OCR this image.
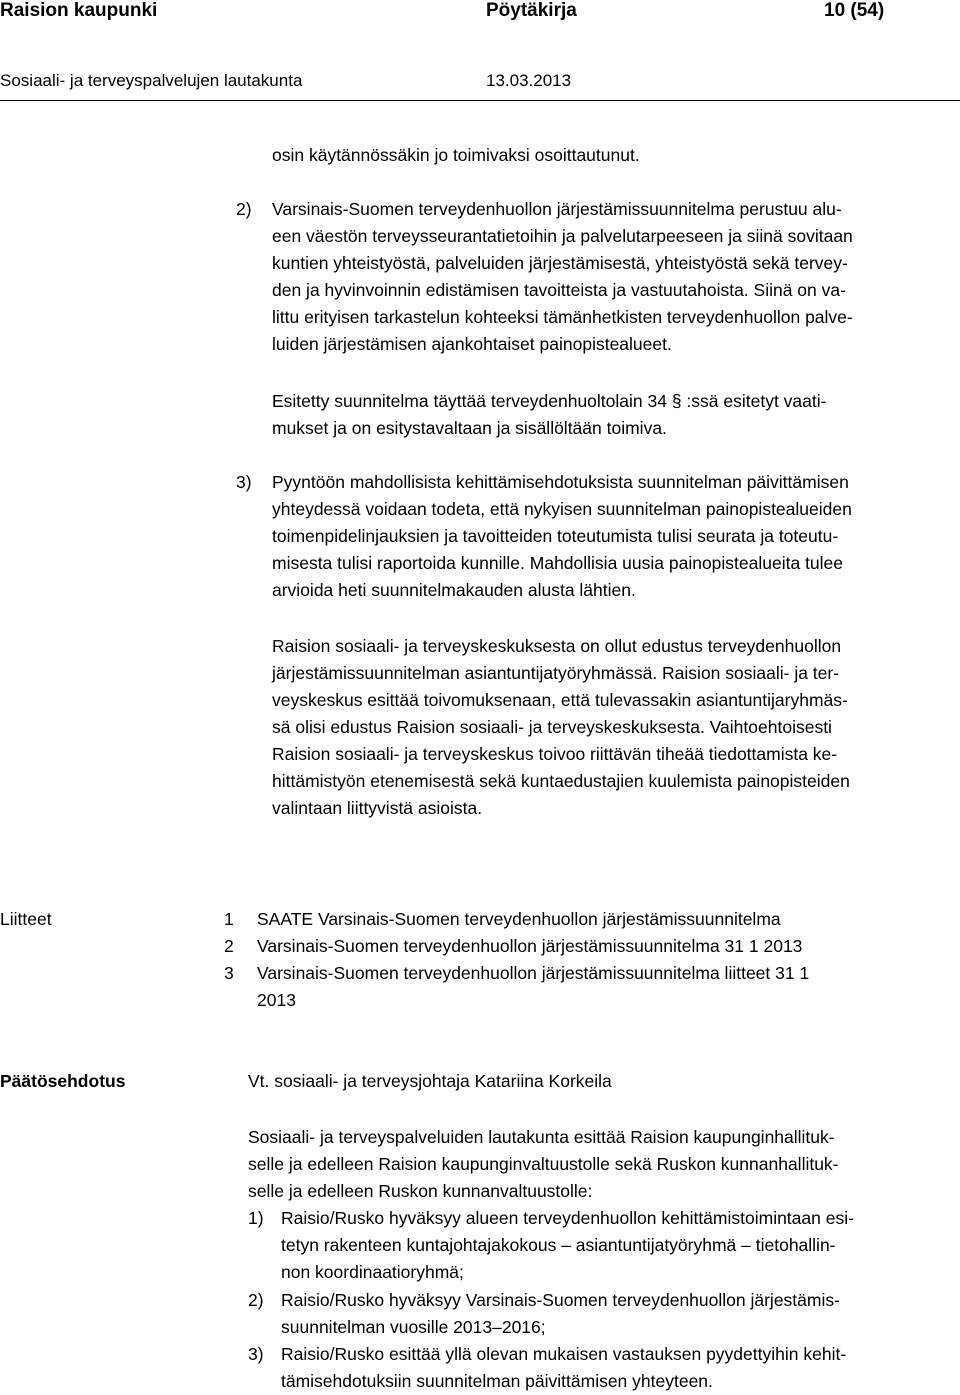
Raision kaupunki	Pöytäkirja	10 (54)
Sosiaali- ja terveyspalvelujen lautakunta	13.03.2013
osin käytännössäkin jo toimivaksi osoittautunut.
2) Varsinais-Suomen terveydenhuollon järjestämissuunnitelma perustuu alu-
een väestön terveysseurantatietoihin ja palvelutarpeeseen ja siinä sovitaan
kuntien yhteistyöstä, palveluiden järjestämisestä, yhteistyöstä sekä tervey-
den ja hyvinvoinnin edistämisen tavoitteista ja vastuutahoista. Siinä on va-
littu erityisen tarkastelun kohteeksi tämänhetkisten terveydenhuollon palve-
luiden järjestämisen ajankohtaiset painopistealueet.
Esitetty suunnitelma täyttää terveydenhuoltolain 34 § :ssä esitetyt vaati-
mukset ja on esitystavaltaan ja sisällöltään toimiva.
3) Pyyntöön mahdollisista kehittämisehdotuksista suunnitelman päivittämisen
yhteydessä voidaan todeta, että nykyisen suunnitelman painopistealueiden
toimenpidelinjauksien ja tavoitteiden toteutumista tulisi seurata ja toteutu-
misesta tulisi raportoida kunnille. Mahdollisia uusia painopistealueita tulee
arvioida heti suunnitelmakauden alusta lähtien.
Raision sosiaali- ja terveyskeskuksesta on ollut edustus terveydenhuollon
järjestämissuunnitelman asiantuntijatyöryhmässä. Raision sosiaali- ja ter-
veyskeskus esittää toivomuksenaan, että tulevassakin asiantuntijaryhmäs-
sä olisi edustus Raision sosiaali- ja terveyskeskuksesta. Vaihtoehtoisesti
Raision sosiaali- ja terveyskeskus toivoo riittävän tiheää tiedottamista ke-
hittämistyön etenemisestä sekä kuntaedustajien kuulemista painopisteiden
valintaan liittyvistä asioista.
Liitteet	1 SAATE Varsinais-Suomen terveydenhuollon järjestämissuunnitelma
2 Varsinais-Suomen terveydenhuollon järjestämissuunnitelma 31 1 2013
3 Varsinais-Suomen terveydenhuollon järjestämissuunnitelma liitteet 31 1
2013
Päätösehdotus	Vt. sosiaali- ja terveysjohtaja Katariina Korkeila
Sosiaali- ja terveyspalveluiden lautakunta esittää Raision kaupunginhallituk-
selle ja edelleen Raision kaupunginvaltuustolle sekä Ruskon kunnanhallituk-
selle ja edelleen Ruskon kunnanvaltuustolle:
1) Raisio/Rusko hyväksyy alueen terveydenhuollon kehittämistoimintaan esi-
tetyn rakenteen kuntajohtajakokous – asiantuntijatyöryhmä – tietohallin-
non koordinaatioryhmä;
2) Raisio/Rusko hyväksyy Varsinais-Suomen terveydenhuollon järjestämis-
suunnitelman vuosille 2013–2016;
3) Raisio/Rusko esittää yllä olevan mukaisen vastauksen pyydettyihin kehit-
tämisehdotuksiin suunnitelman päivittämisen yhteyteen.
